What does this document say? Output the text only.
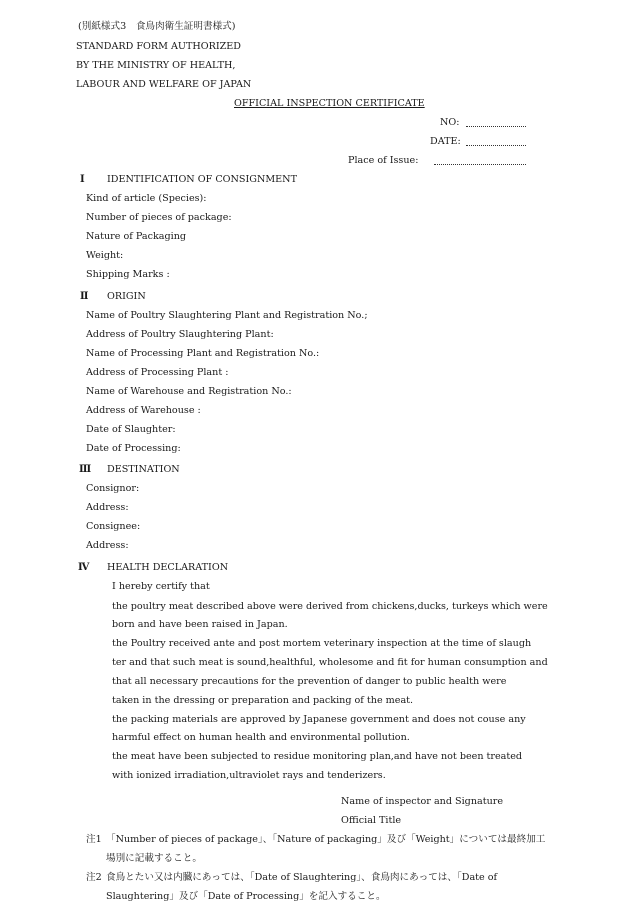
(別紙様式3　食鳥肉衛生証明書様式)
STANDARD FORM AUTHORIZED
BY THE MINISTRY OF HEALTH,
LABOUR AND WELFARE OF JAPAN
OFFICIAL INSPECTION CERTIFICATE
NO:
DATE:
Place of Issue:
Ⅰ IDENTIFICATION OF CONSIGNMENT
Kind of article (Species):
Number of pieces of package:
Nature of Packaging
Weight:
Shipping Marks :
Ⅱ ORIGIN
Name of Poultry Slaughtering Plant and Registration No.;
Address of Poultry Slaughtering Plant:
Name of Processing Plant and Registration No.:
Address of Processing Plant :
Name of Warehouse and Registration No.:
Address of Warehouse :
Date of Slaughter:
Date of Processing:
Ⅲ DESTINATION
Consignor:
Address:
Consignee:
Address:
Ⅳ HEALTH DECLARATION
I hereby certify that
the poultry meat described above were derived from chickens,ducks, turkeys which were
born and have been raised in Japan.
the Poultry received ante and post mortem veterinary inspection at the time of slaugh
ter and that such meat is sound,healthful, wholesome and fit for human consumption and
that all necessary precautions for the prevention of danger to public health were
taken in the dressing or preparation and packing of the meat.
the packing materials are approved by Japanese government and does not couse any
harmful effect on human health and environmental pollution.
the meat have been subjected to residue monitoring plan,and have not been treated
with ionized irradiation,ultraviolet rays and tenderizers.
Name of inspector and Signature
Official Title
注1 「Number of pieces of package」、「Nature of packaging」及び「Weight」については最終加工
場別に記載すること。
注2 食鳥とたい又は内臓にあっては、「Date of Slaughtering」、食鳥肉にあっては、「Date of
Slaughtering」及び「Date of Processing」を記入すること。
